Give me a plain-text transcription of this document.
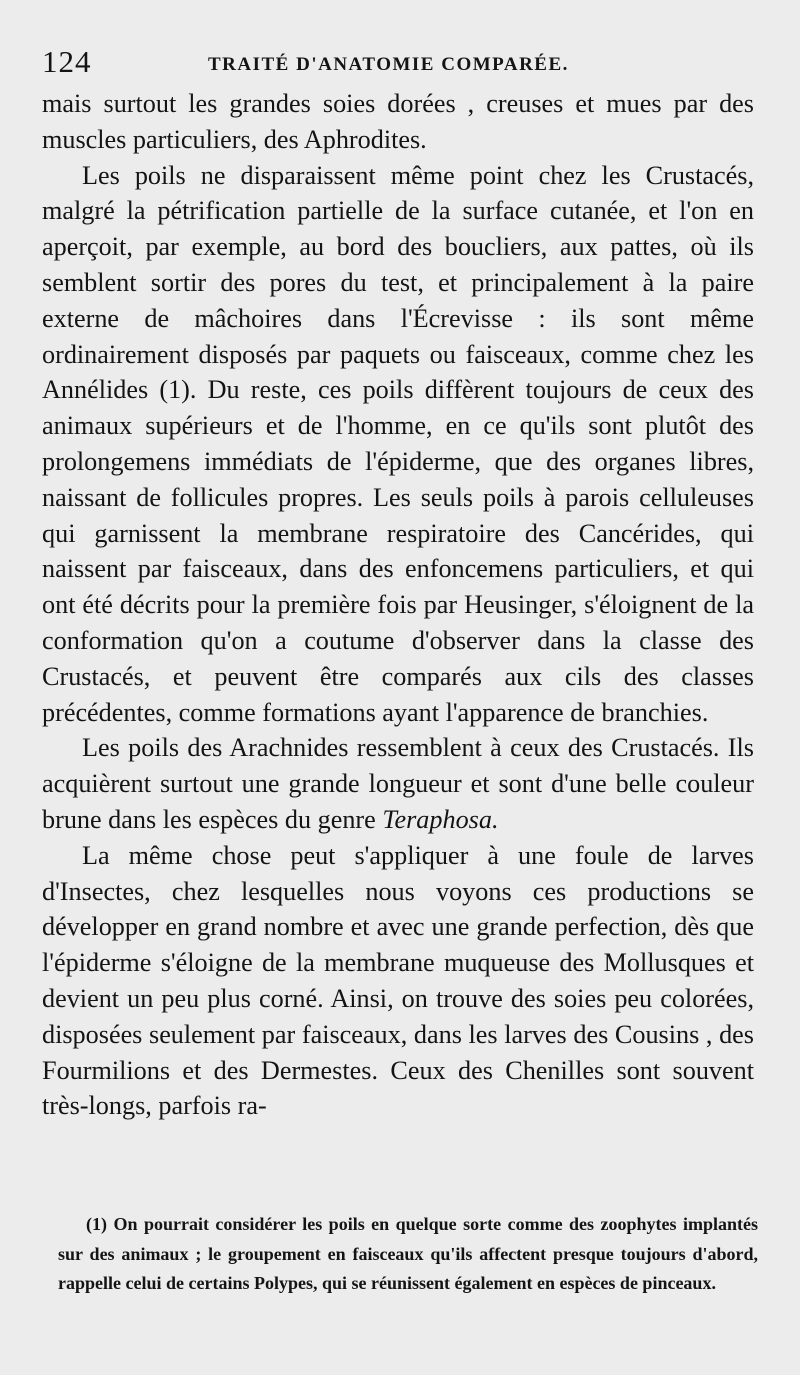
124	TRAITÉ D'ANATOMIE COMPARÉE.

mais surtout les grandes soies dorées , creuses et mues par des muscles particuliers, des Aphrodites.

Les poils ne disparaissent même point chez les Crustacés, malgré la pétrification partielle de la surface cutanée, et l'on en aperçoit, par exemple, au bord des boucliers, aux pattes, où ils semblent sortir des pores du test, et principalement à la paire externe de mâchoires dans l'Écrevisse : ils sont même ordinairement disposés par paquets ou faisceaux, comme chez les Annélides (1). Du reste, ces poils diffèrent toujours de ceux des animaux supérieurs et de l'homme, en ce qu'ils sont plutôt des prolongemens immédiats de l'épiderme, que des organes libres, naissant de follicules propres. Les seuls poils à parois celluleuses qui garnissent la membrane respiratoire des Cancérides, qui naissent par faisceaux, dans des enfoncemens particuliers, et qui ont été décrits pour la première fois par Heusinger, s'éloignent de la conformation qu'on a coutume d'observer dans la classe des Crustacés, et peuvent être comparés aux cils des classes précédentes, comme formations ayant l'apparence de branchies.

Les poils des Arachnides ressemblent à ceux des Crustacés. Ils acquièrent surtout une grande longueur et sont d'une belle couleur brune dans les espèces du genre Teraphosa.

La même chose peut s'appliquer à une foule de larves d'Insectes, chez lesquelles nous voyons ces productions se développer en grand nombre et avec une grande perfection, dès que l'épiderme s'éloigne de la membrane muqueuse des Mollusques et devient un peu plus corné. Ainsi, on trouve des soies peu colorées, disposées seulement par faisceaux, dans les larves des Cousins , des Fourmilions et des Dermestes. Ceux des Chenilles sont souvent très-longs, parfois ra-

(1) On pourrait considérer les poils en quelque sorte comme des zoophytes implantés sur des animaux ; le groupement en faisceaux qu'ils affectent presque toujours d'abord, rappelle celui de certains Polypes, qui se réunissent également en espèces de pinceaux.
